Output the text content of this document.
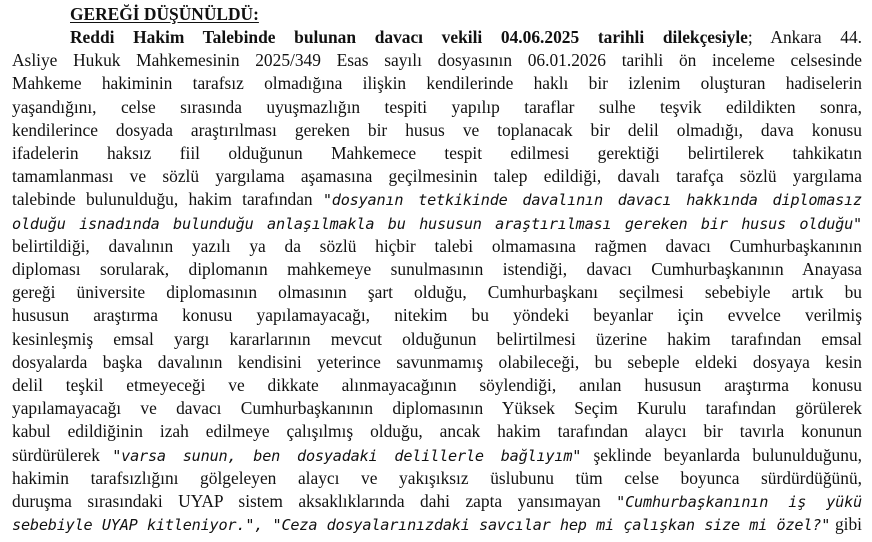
GEREĞİ DÜŞÜNÜLDÜ:
Reddi Hakim Talebinde bulunan davacı vekili 04.06.2025 tarihli dilekçesiyle; Ankara 44.
Asliye Hukuk Mahkemesinin 2025/349 Esas sayılı dosyasının 06.01.2026 tarihli ön inceleme celsesinde
Mahkeme hakiminin tarafsız olmadığına ilişkin kendilerinde haklı bir izlenim oluşturan hadiselerin
yaşandığını, celse sırasında uyuşmazlığın tespiti yapılıp taraflar sulhe teşvik edildikten sonra,
kendilerince dosyada araştırılması gereken bir husus ve toplanacak bir delil olmadığı, dava konusu
ifadelerin haksız fiil olduğunun Mahkemece tespit edilmesi gerektiği belirtilerek tahkikatın
tamamlanması ve sözlü yargılama aşamasına geçilmesinin talep edildiği, davalı tarafça sözlü yargılama
talebinde bulunulduğu, hakim tarafından "dosyanın tetkikinde davalının davacı hakkında diplomasız
olduğu isnadında bulunduğu anlaşılmakla bu hususun araştırılması gereken bir husus olduğu"
belirtildiği, davalının yazılı ya da sözlü hiçbir talebi olmamasına rağmen davacı Cumhurbaşkanının
diploması sorularak, diplomanın mahkemeye sunulmasının istendiği, davacı Cumhurbaşkanının Anayasa
gereği üniversite diplomasının olmasının şart olduğu, Cumhurbaşkanı seçilmesi sebebiyle artık bu
hususun araştırma konusu yapılamayacağı, nitekim bu yöndeki beyanlar için evvelce verilmiş
kesinleşmiş emsal yargı kararlarının mevcut olduğunun belirtilmesi üzerine hakim tarafından emsal
dosyalarda başka davalının kendisini yeterince savunmamış olabileceği, bu sebeple eldeki dosyaya kesin
delil teşkil etmeyeceği ve dikkate alınmayacağının söylendiği, anılan hususun araştırma konusu
yapılamayacağı ve davacı Cumhurbaşkanının diplomasının Yüksek Seçim Kurulu tarafından görülerek
kabul edildiğinin izah edilmeye çalışılmış olduğu, ancak hakim tarafından alaycı bir tavırla konunun
sürdürülerek "varsa sunun, ben dosyadaki delillerle bağlıyım" şeklinde beyanlarda bulunulduğunu,
hakimin tarafsızlığını gölgeleyen alaycı ve yakışıksız üslubunu tüm celse boyunca sürdürdüğünü,
duruşma sırasındaki UYAP sistem aksaklıklarında dahi zapta yansımayan "Cumhurbaşkanının iş yükü
sebebiyle UYAP kitleniyor.", "Ceza dosyalarınızdaki savcılar hep mi çalışkan size mi özel?" gibi
